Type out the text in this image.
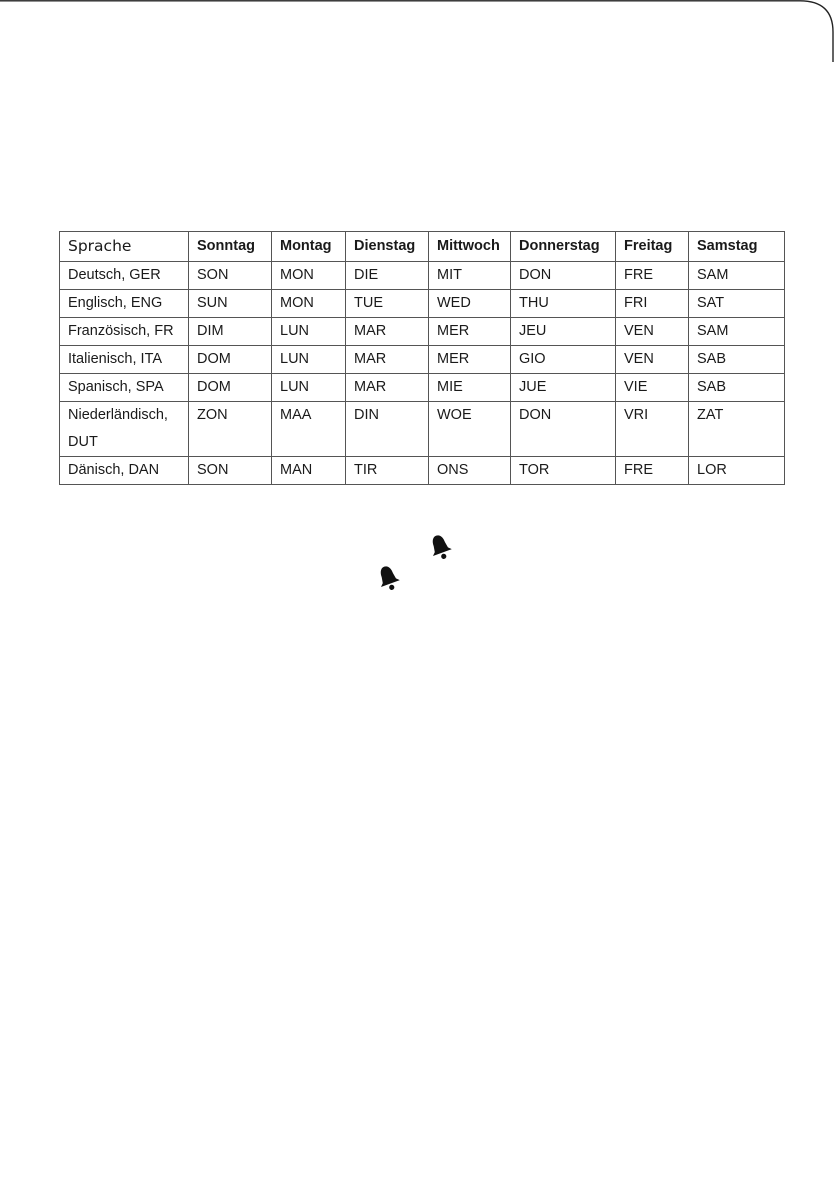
Sprache	Sonntag	Montag	Dienstag	Mittwoch	Donnerstag	Freitag	Samstag
Deutsch, GER	SON	MON	DIE	MIT	DON	FRE	SAM
Englisch, ENG	SUN	MON	TUE	WED	THU	FRI	SAT
Französisch, FR	DIM	LUN	MAR	MER	JEU	VEN	SAM
Italienisch, ITA	DOM	LUN	MAR	MER	GIO	VEN	SAB
Spanisch, SPA	DOM	LUN	MAR	MIE	JUE	VIE	SAB
Niederländisch, DUT	ZON	MAA	DIN	WOE	DON	VRI	ZAT
Dänisch, DAN	SON	MAN	TIR	ONS	TOR	FRE	LOR
